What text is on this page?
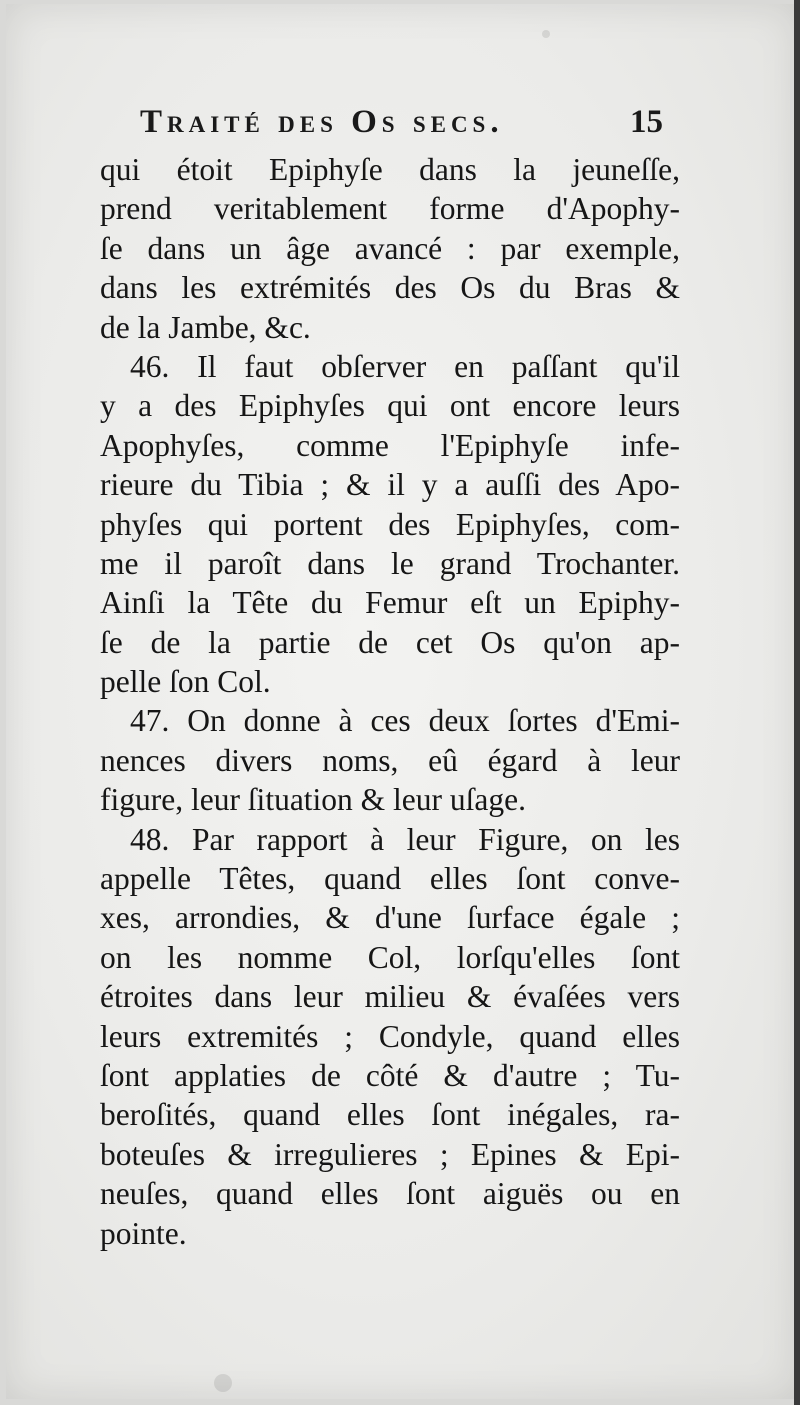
Traité des Os secs.	15
qui étoit Epiphyſe dans la jeuneſſe,
prend veritablement forme d'Apophy-
ſe dans un âge avancé : par exemple,
dans les extrémités des Os du Bras &
de la Jambe, &c.
46. Il faut obſerver en paſſant qu'il
y a des Epiphyſes qui ont encore leurs
Apophyſes, comme l'Epiphyſe infe-
rieure du Tibia ; & il y a auſſi des Apo-
phyſes qui portent des Epiphyſes, com-
me il paroît dans le grand Trochanter.
Ainſi la Tête du Femur eſt un Epiphy-
ſe de la partie de cet Os qu'on ap-
pelle ſon Col.
47. On donne à ces deux ſortes d'Emi-
nences divers noms, eû égard à leur
figure, leur ſituation & leur uſage.
48. Par rapport à leur Figure, on les
appelle Têtes, quand elles ſont conve-
xes, arrondies, & d'une ſurface égale ;
on les nomme Col, lorſqu'elles ſont
étroites dans leur milieu & évaſées vers
leurs extremités ; Condyle, quand elles
ſont applaties de côté & d'autre ; Tu-
beroſités, quand elles ſont inégales, ra-
boteuſes & irregulieres ; Epines & Epi-
neuſes, quand elles ſont aiguës ou en
pointe.
